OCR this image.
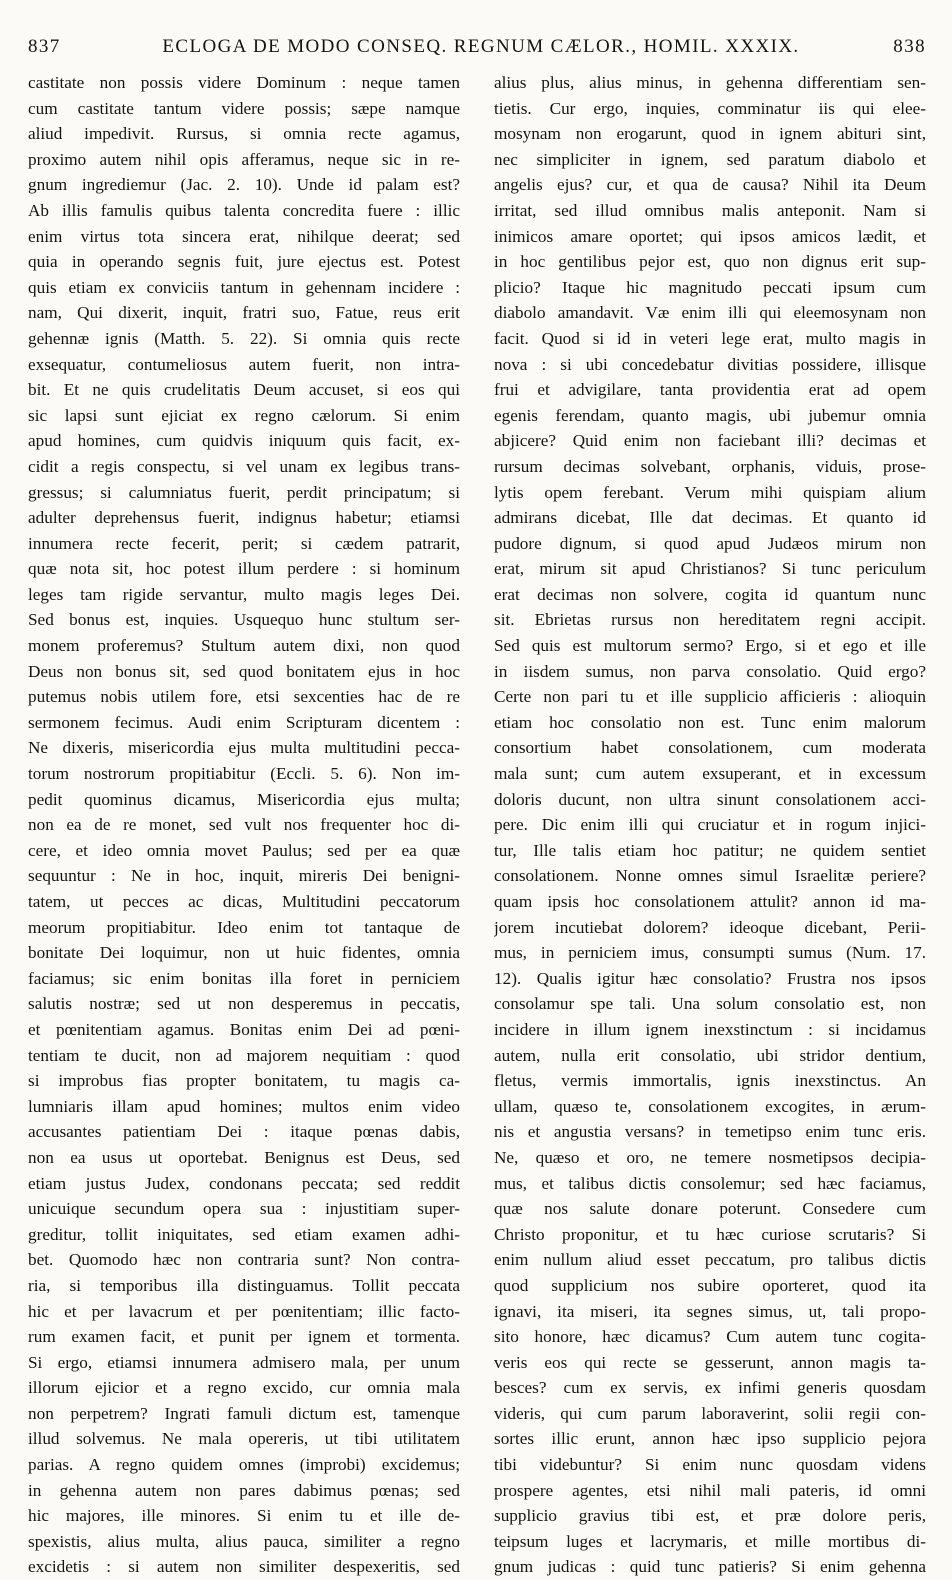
837	ECLOGA DE MODO CONSEQ. REGNUM CÆLOR., HOMIL. XXXIX.	838

castitate non possis videre Dominum : neque tamen

cum castitate tantum videre possis; sæpe namque

aliud impedivit. Rursus, si omnia recte agamus,

proximo autem nihil opis afferamus, neque sic in re-

gnum ingrediemur (Jac. 2. 10). Unde id palam est?

Ab illis famulis quibus talenta concredita fuere : illic

enim virtus tota sincera erat, nihilque deerat; sed

quia in operando segnis fuit, jure ejectus est. Potest

quis etiam ex conviciis tantum in gehennam incidere :

nam, Qui dixerit, inquit, fratri suo, Fatue, reus erit

gehennæ ignis (Matth. 5. 22). Si omnia quis recte

exsequatur, contumeliosus autem fuerit, non intra-

bit. Et ne quis crudelitatis Deum accuset, si eos qui

sic lapsi sunt ejiciat ex regno cælorum. Si enim

apud homines, cum quidvis iniquum quis facit, ex-

cidit a regis conspectu, si vel unam ex legibus trans-

gressus; si calumniatus fuerit, perdit principatum; si

adulter deprehensus fuerit, indignus habetur; etiamsi

innumera recte fecerit, perit; si cædem patrarit,

quæ nota sit, hoc potest illum perdere : si hominum

leges tam rigide servantur, multo magis leges Dei.

Sed bonus est, inquies. Usquequo hunc stultum ser-

monem proferemus? Stultum autem dixi, non quod

Deus non bonus sit, sed quod bonitatem ejus in hoc

putemus nobis utilem fore, etsi sexcenties hac de re

sermonem fecimus. Audi enim Scripturam dicentem :

Ne dixeris, misericordia ejus multa multitudini pecca-

torum nostrorum propitiabitur (Eccli. 5. 6). Non im-

pedit quominus dicamus, Misericordia ejus multa;

non ea de re monet, sed vult nos frequenter hoc di-

cere, et ideo omnia movet Paulus; sed per ea quæ

sequuntur : Ne in hoc, inquit, mireris Dei benigni-

tatem, ut pecces ac dicas, Multitudini peccatorum

meorum propitiabitur. Ideo enim tot tantaque de

bonitate Dei loquimur, non ut huic fidentes, omnia

faciamus; sic enim bonitas illa foret in perniciem

salutis nostræ; sed ut non desperemus in peccatis,

et pœnitentiam agamus. Bonitas enim Dei ad pœni-

tentiam te ducit, non ad majorem nequitiam : quod

si improbus fias propter bonitatem, tu magis ca-

lumniaris illam apud homines; multos enim video

accusantes patientiam Dei : itaque pœnas dabis,

non ea usus ut oportebat. Benignus est Deus, sed

etiam justus Judex, condonans peccata; sed reddit

unicuique secundum opera sua : injustitiam super-

greditur, tollit iniquitates, sed etiam examen adhi-

bet. Quomodo hæc non contraria sunt? Non contra-

ria, si temporibus illa distinguamus. Tollit peccata

hic et per lavacrum et per pœnitentiam; illic facto-

rum examen facit, et punit per ignem et tormenta.

Si ergo, etiamsi innumera admisero mala, per unum

illorum ejicior et a regno excido, cur omnia mala

non perpetrem? Ingrati famuli dictum est, tamenque

illud solvemus. Ne mala opereris, ut tibi utilitatem

parias. A regno quidem omnes (improbi) excidemus;

in gehenna autem non pares dabimus pœnas; sed

hic majores, ille minores. Si enim tu et ille de-

spexistis, alius multa, alius pauca, similiter a regno

excidetis : si autem non similiter despexeritis, sed

alius plus, alius minus, in gehenna differentiam sen-

tietis. Cur ergo, inquies, comminatur iis qui elee-

mosynam non erogarunt, quod in ignem abituri sint,

nec simpliciter in ignem, sed paratum diabolo et

angelis ejus? cur, et qua de causa? Nihil ita Deum

irritat, sed illud omnibus malis anteponit. Nam si

inimicos amare oportet; qui ipsos amicos lædit, et

in hoc gentilibus pejor est, quo non dignus erit sup-

plicio? Itaque hic magnitudo peccati ipsum cum

diabolo amandavit. Væ enim illi qui eleemosynam non

facit. Quod si id in veteri lege erat, multo magis in

nova : si ubi concedebatur divitias possidere, illisque

frui et advigilare, tanta providentia erat ad opem

egenis ferendam, quanto magis, ubi jubemur omnia

abjicere? Quid enim non faciebant illi? decimas et

rursum decimas solvebant, orphanis, viduis, prose-

lytis opem ferebant. Verum mihi quispiam alium

admirans dicebat, Ille dat decimas. Et quanto id

pudore dignum, si quod apud Judæos mirum non

erat, mirum sit apud Christianos? Si tunc periculum

erat decimas non solvere, cogita id quantum nunc

sit. Ebrietas rursus non hereditatem regni accipit.

Sed quis est multorum sermo? Ergo, si et ego et ille

in iisdem sumus, non parva consolatio. Quid ergo?

Certe non pari tu et ille supplicio afficieris : alioquin

etiam hoc consolatio non est. Tunc enim malorum

consortium habet consolationem, cum moderata

mala sunt; cum autem exsuperant, et in excessum

doloris ducunt, non ultra sinunt consolationem acci-

pere. Dic enim illi qui cruciatur et in rogum injici-

tur, Ille talis etiam hoc patitur; ne quidem sentiet

consolationem. Nonne omnes simul Israelitæ periere?

quam ipsis hoc consolationem attulit? annon id ma-

jorem incutiebat dolorem? ideoque dicebant, Perii-

mus, in perniciem imus, consumpti sumus (Num. 17.

12). Qualis igitur hæc consolatio? Frustra nos ipsos

consolamur spe tali. Una solum consolatio est, non

incidere in illum ignem inexstinctum : si incidamus

autem, nulla erit consolatio, ubi stridor dentium,

fletus, vermis immortalis, ignis inexstinctus. An

ullam, quæso te, consolationem excogites, in ærum-

nis et angustia versans? in temetipso enim tunc eris.

Ne, quæso et oro, ne temere nosmetipsos decipia-

mus, et talibus dictis consolemur; sed hæc faciamus,

quæ nos salute donare poterunt. Consedere cum

Christo proponitur, et tu hæc curiose scrutaris? Si

enim nullum aliud esset peccatum, pro talibus dictis

quod supplicium nos subire oporteret, quod ita

ignavi, ita miseri, ita segnes simus, ut, tali propo-

sito honore, hæc dicamus? Cum autem tunc cogita-

veris eos qui recte se gesserunt, annon magis ta-

besces? cum ex servis, ex infimi generis quosdam

videris, qui cum parum laboraverint, solii regii con-

sortes illic erunt, annon hæc ipso supplicio pejora

tibi videbuntur? Si enim nunc quosdam videns

prospere agentes, etsi nihil mali pateris, id omni

supplicio gravius tibi est, et præ dolore peris,

teipsum luges et lacrymaris, et mille mortibus di-

gnum judicas : quid tunc patieris? Si enim gehenna
